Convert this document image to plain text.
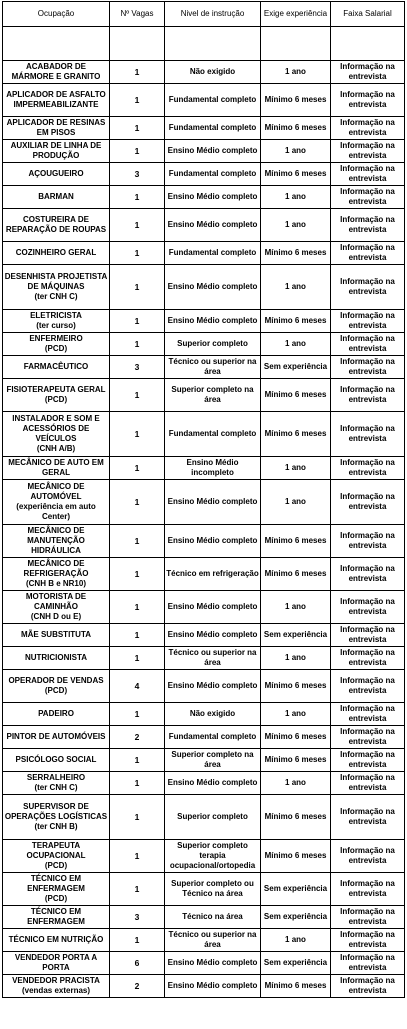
Ocupação	Nº Vagas	Nivel de instrução	Exige experiência	Faixa Salarial

ACABADOR DE MÁRMORE E GRANITO	1	Não exigido	1 ano	Informação na entrevista

APLICADOR DE ASFALTO IMPERMEABILIZANTE	1	Fundamental completo	Mínimo 6 meses	Informação na entrevista

APLICADOR DE RESINAS EM PISOS	1	Fundamental completo	Mínimo 6 meses	Informação na entrevista

AUXILIAR DE LINHA DE PRODUÇÃO	1	Ensino Médio completo	1 ano	Informação na entrevista

AÇOUGUEIRO	3	Fundamental completo	Mínimo 6 meses	Informação na entrevista

BARMAN	1	Ensino Médio completo	1 ano	Informação na entrevista

COSTUREIRA DE REPARAÇÃO DE ROUPAS	1	Ensino Médio completo	1 ano	Informação na entrevista

COZINHEIRO GERAL	1	Fundamental completo	Mínimo 6 meses	Informação na entrevista

DESENHISTA PROJETISTA DE MÁQUINAS
(ter CNH C)	1	Ensino Médio completo	1 ano	Informação na entrevista

ELETRICISTA
(ter curso)	1	Ensino Médio completo	Mínimo 6 meses	Informação na entrevista

ENFERMEIRO
(PCD)	1	Superior completo	1 ano	Informação na entrevista

FARMACÊUTICO	3	Técnico ou superior na área	Sem experiência	Informação na entrevista

FISIOTERAPEUTA GERAL
(PCD)	1	Superior completo na área	Mínimo 6 meses	Informação na entrevista

INSTALADOR E SOM E ACESSÓRIOS DE VEÍCULOS
(CNH A/B)	1	Fundamental completo	Mínimo 6 meses	Informação na entrevista

MECÂNICO DE AUTO EM GERAL	1	Ensino Médio incompleto	1 ano	Informação na entrevista

MECÂNICO DE AUTOMÓVEL
(experiência em auto Center)	1	Ensino Médio completo	1 ano	Informação na entrevista

MECÂNICO DE MANUTENÇÃO HIDRÁULICA	1	Ensino Médio completo	Mínimo 6 meses	Informação na entrevista

MECÂNICO DE REFRIGERAÇÃO
(CNH B e NR10)	1	Técnico em refrigeração	Mínimo 6 meses	Informação na entrevista

MOTORISTA DE CAMINHÃO
(CNH D ou E)	1	Ensino Médio completo	1 ano	Informação na entrevista

MÃE SUBSTITUTA	1	Ensino Médio completo	Sem experiência	Informação na entrevista

NUTRICIONISTA	1	Técnico ou superior na área	1 ano	Informação na entrevista

OPERADOR DE VENDAS
(PCD)	4	Ensino Médio completo	Mínimo 6 meses	Informação na entrevista

PADEIRO	1	Não exigido	1 ano	Informação na entrevista

PINTOR DE AUTOMÓVEIS	2	Fundamental completo	Mínimo 6 meses	Informação na entrevista

PSICÓLOGO SOCIAL	1	Superior completo na área	Mínimo 6 meses	Informação na entrevista

SERRALHEIRO
(ter CNH C)	1	Ensino Médio completo	1 ano	Informação na entrevista

SUPERVISOR DE OPERAÇÕES LOGÍSTICAS
(ter CNH B)	1	Superior completo	Mínimo 6 meses	Informação na entrevista

TERAPEUTA OCUPACIONAL
(PCD)	1	Superior completo terapia ocupacional/ortopedia	Mínimo 6 meses	Informação na entrevista

TÉCNICO EM ENFERMAGEM
(PCD)	1	Superior completo ou Técnico na área	Sem experiência	Informação na entrevista

TÉCNICO EM ENFERMAGEM	3	Técnico na área	Sem experiência	Informação na entrevista

TÉCNICO EM NUTRIÇÃO	1	Técnico ou superior na área	1 ano	Informação na entrevista

VENDEDOR PORTA A PORTA	6	Ensino Médio completo	Sem experiência	Informação na entrevista

VENDEDOR PRACISTA
(vendas externas)	2	Ensino Médio completo	Mínimo 6 meses	Informação na entrevista
